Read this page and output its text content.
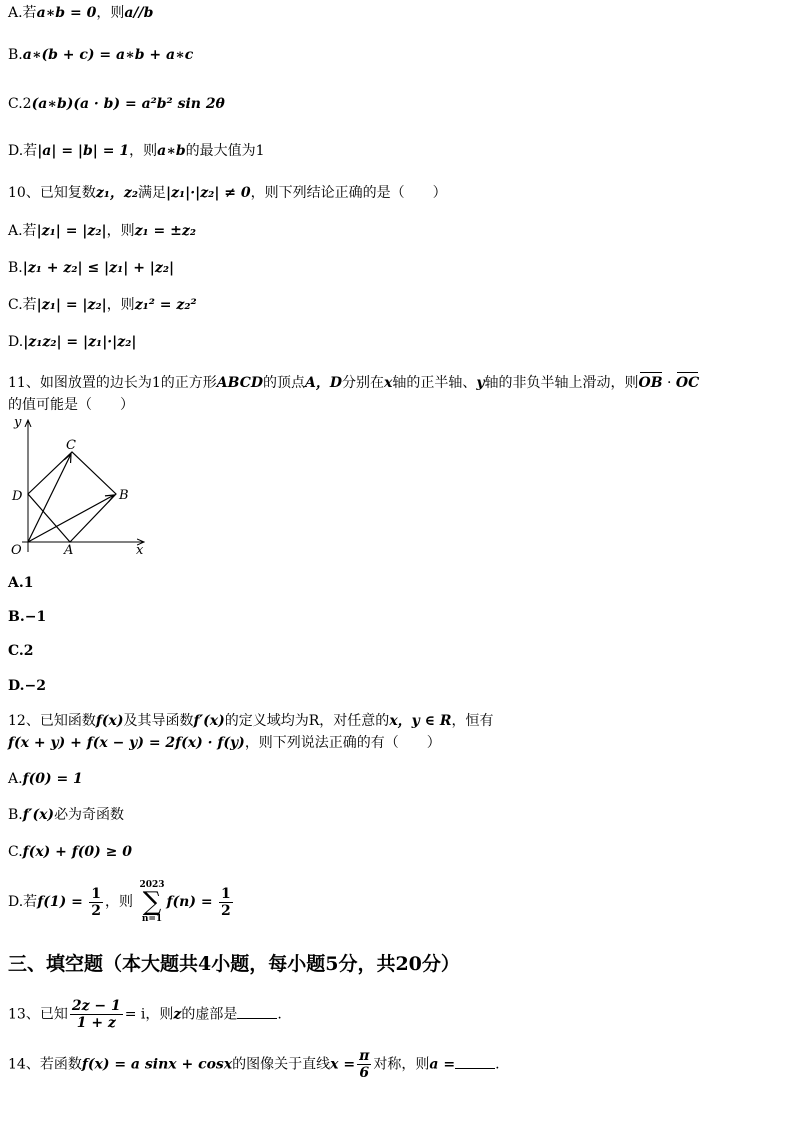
A.若a∗b = 0，则a//b
B.a∗(b + c) = a∗b + a∗c
C.2(a∗b)(a · b) = a²b² sin 2θ
D.若|a| = |b| = 1，则a∗b的最大值为1
10、已知复数z₁，z₂满足|z₁|·|z₂| ≠ 0，则下列结论正确的是（　　）
A.若|z₁| = |z₂|，则z₁ = ±z₂
B.|z₁ + z₂| ≤ |z₁| + |z₂|
C.若|z₁| = |z₂|，则z₁² = z₂²
D.|z₁z₂| = |z₁|·|z₂|
11、如图放置的边长为1的正方形ABCD的顶点A，D分别在x轴的正半轴、y轴的非负半轴上滑动，则OB · OC
的值可能是（　　）
y
x
C
D	B
O	A
A.1
B.−1
C.2
D.−2
12、已知函数f(x)及其导函数f′(x)的定义域均为R，对任意的x，y ∈ R，恒有
f(x + y) + f(x − y) = 2f(x) · f(y)，则下列说法正确的有（　　）
A.f(0) = 1
B.f′(x)必为奇函数
C.f(x) + f(0) ≥ 0
D.若$f(1) = \frac{1}{2}$ ，则
2023
∑
n=1
$f(n) = \frac{1}{2}$
三、填空题（本大题共4小题，每小题5分，共20分）
13、已知 $\frac{2z - 1}{1 + z} = i$，则z的虚部是	.
14、若函数f(x) = a sinx + cosx的图像关于直线$x = \frac{\pi}{6}$ 对称，则a =	.
